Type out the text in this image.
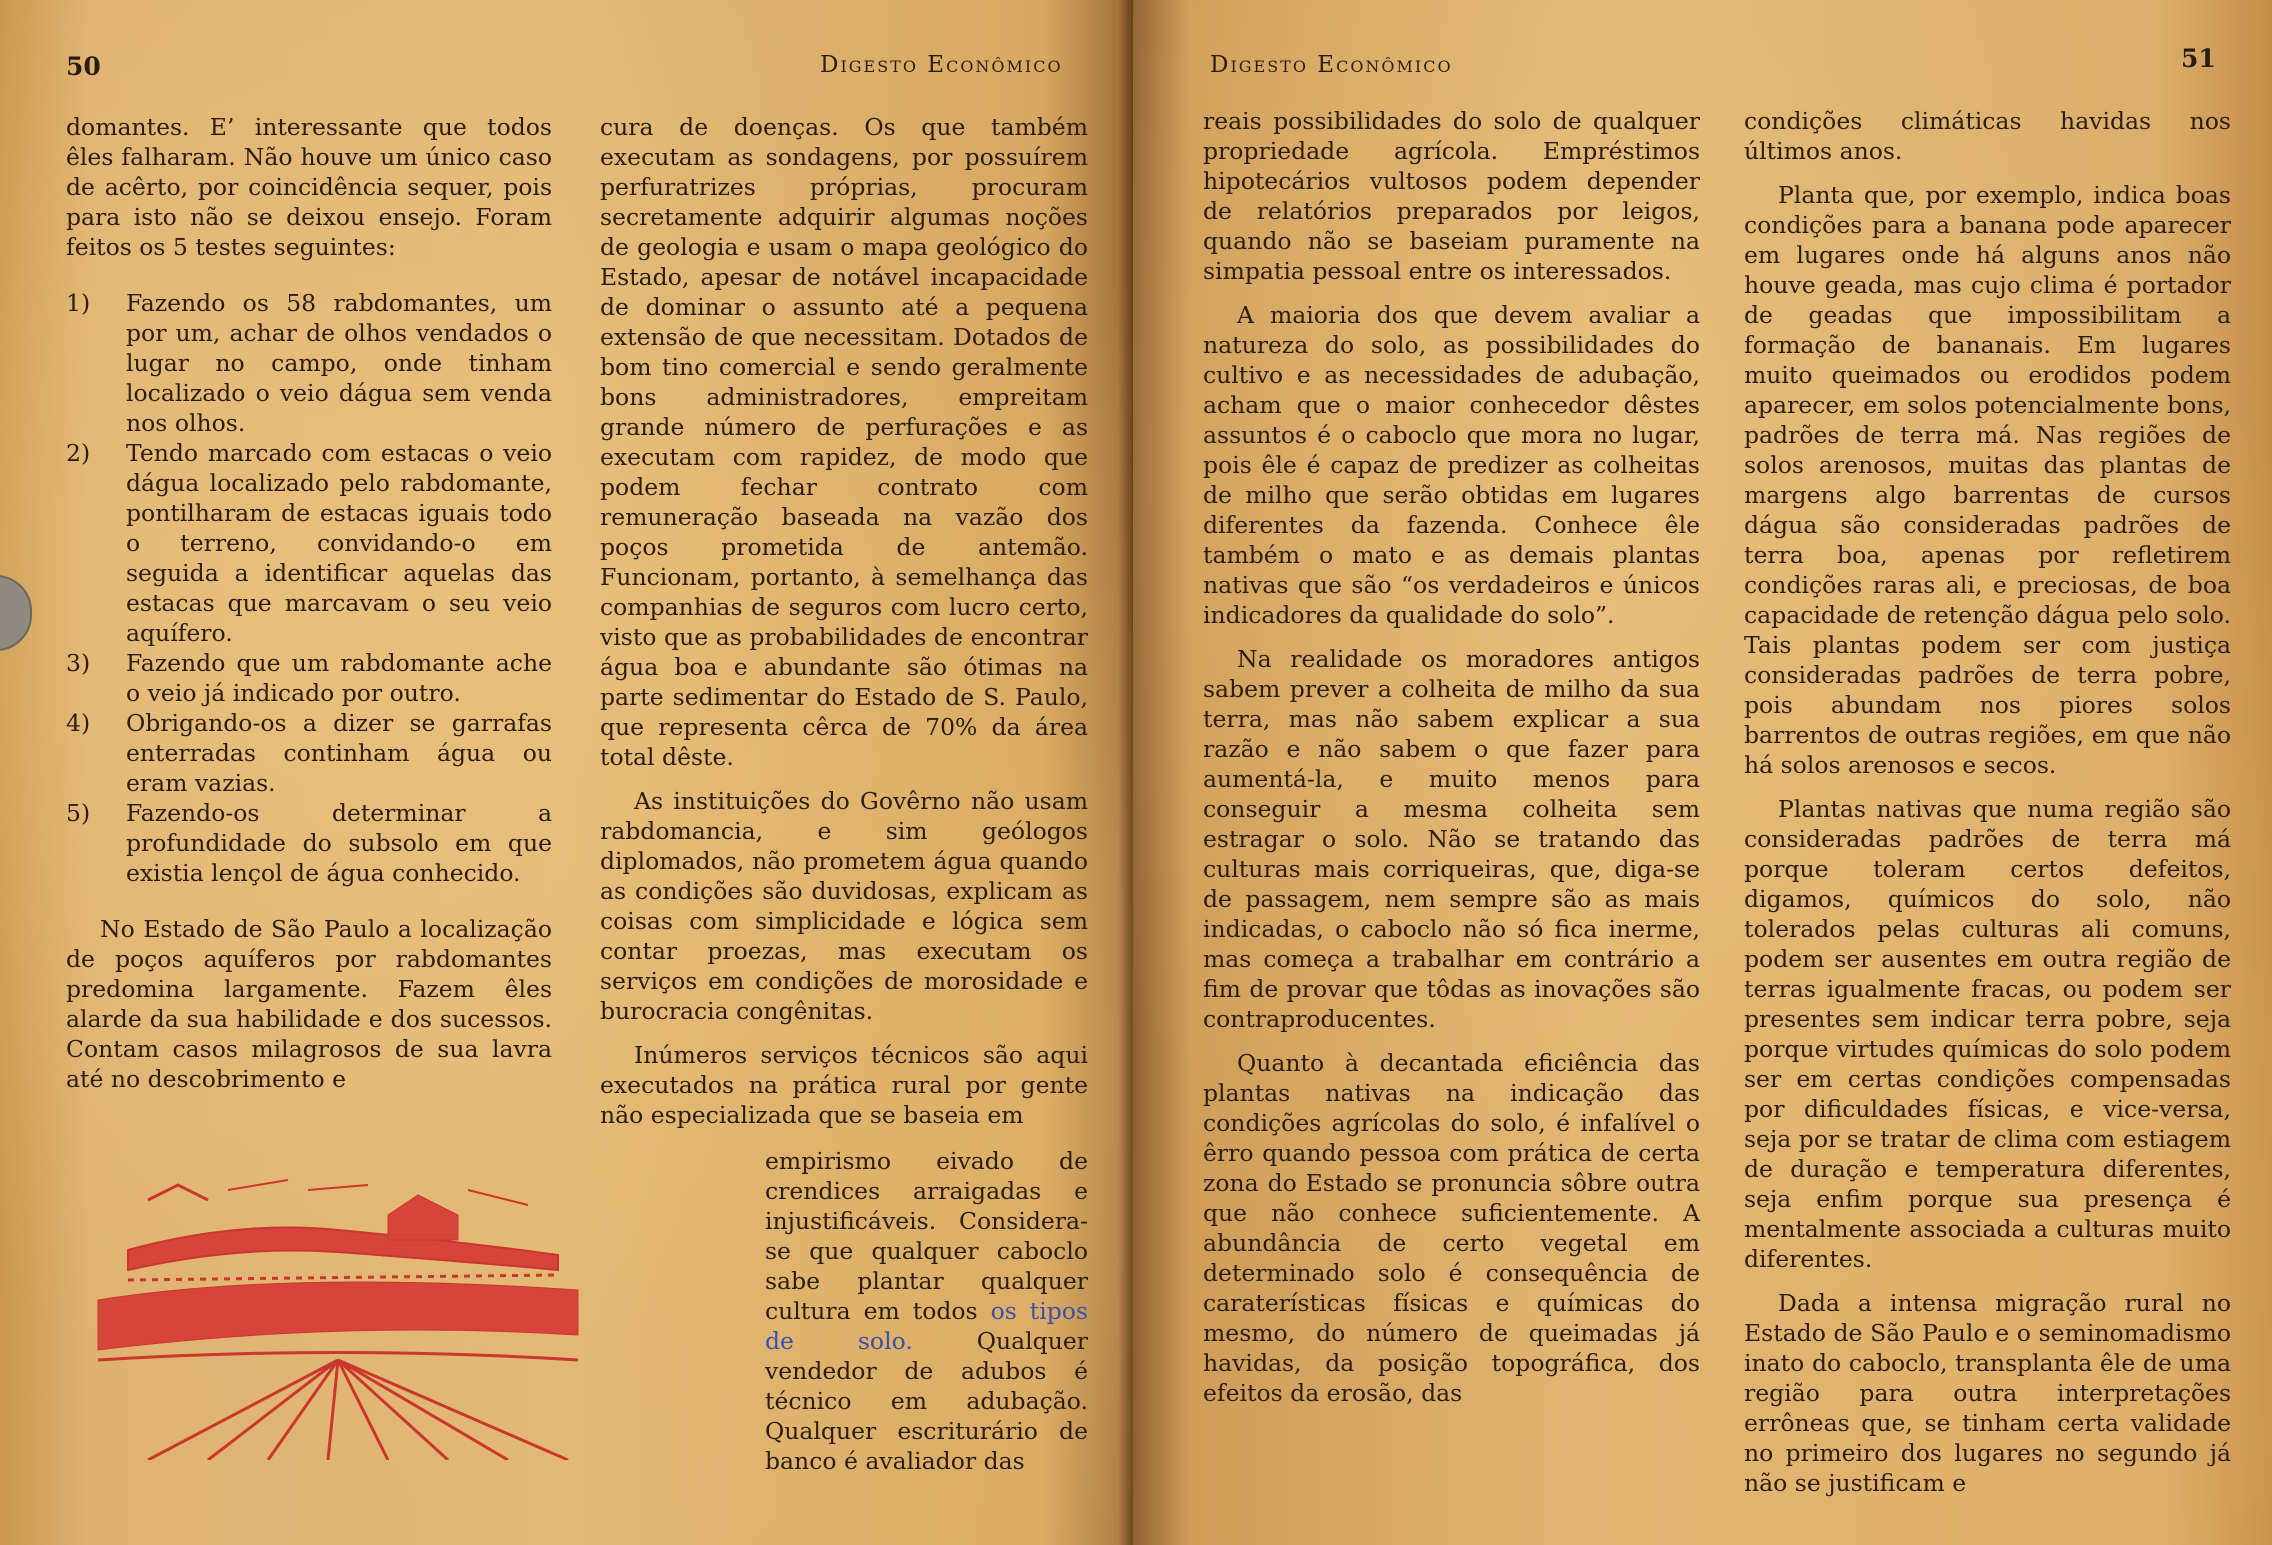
50	Digesto Econômico

domantes. E’ interessante que todos êles falharam. Não houve um único caso de acêrto, por coincidência sequer, pois para isto não se deixou ensejo. Foram feitos os 5 testes seguintes:

1) Fazendo os 58 rabdomantes, um por um, achar de olhos vendados o lugar no campo, onde tinham localizado o veio dágua sem venda nos olhos.
2) Tendo marcado com estacas o veio dágua localizado pelo rabdomante, pontilharam de estacas iguais todo o terreno, convidando-o em seguida a identificar aquelas das estacas que marcavam o seu veio aquífero.
3) Fazendo que um rabdomante ache o veio já indicado por outro.
4) Obrigando-os a dizer se garrafas enterradas continham água ou eram vazias.
5) Fazendo-os determinar a profundidade do subsolo em que existia lençol de água conhecido.

No Estado de São Paulo a localização de poços aquíferos por rabdomantes predomina largamente. Fazem êles alarde da sua habilidade e dos sucessos. Contam casos milagrosos de sua lavra até no descobrimento e

cura de doenças. Os que também executam as sondagens, por possuírem perfuratrizes próprias, procuram secretamente adquirir algumas noções de geologia e usam o mapa geológico do Estado, apesar de notável incapacidade de dominar o assunto até a pequena extensão de que necessitam. Dotados de bom tino comercial e sendo geralmente bons administradores, empreitam grande número de perfurações e as executam com rapidez, de modo que podem fechar contrato com remuneração baseada na vazão dos poços prometida de antemão. Funcionam, portanto, à semelhança das companhias de seguros com lucro certo, visto que as probabilidades de encontrar água boa e abundante são ótimas na parte sedimentar do Estado de S. Paulo, que representa cêrca de 70% da área total dêste.

As instituições do Govêrno não usam rabdomancia, e sim geólogos diplomados, não prometem água quando as condições são duvidosas, explicam as coisas com simplicidade e lógica sem contar proezas, mas executam os serviços em condições de morosidade e burocracia congênitas.

Inúmeros serviços técnicos são aqui executados na prática rural por gente não especializada que se baseia em

empirismo eivado de crendices arraigadas e injustificáveis. Considera-se que qualquer caboclo sabe plantar qualquer cultura em todos os tipos de solo.	Qualquer vendedor de adubos é técnico em adubação. Qualquer escriturário de banco é avaliador das

Digesto Econômico	51

reais possibilidades do solo de qualquer propriedade agrícola. Empréstimos hipotecários vultosos podem depender de relatórios preparados por leigos, quando não se baseiam puramente na simpatia pessoal entre os interessados.

A maioria dos que devem avaliar a natureza do solo, as possibilidades do cultivo e as necessidades de adubação, acham que o maior conhecedor dêstes assuntos é o caboclo que mora no lugar, pois êle é capaz de predizer as colheitas de milho que serão obtidas em lugares diferentes da fazenda. Conhece êle também o mato e as demais plantas nativas que são “os verdadeiros e únicos indicadores da qualidade do solo”.

Na realidade os moradores antigos sabem prever a colheita de milho da sua terra, mas não sabem explicar a sua razão e não sabem o que fazer para aumentá-la, e muito menos para conseguir a mesma colheita sem estragar o solo. Não se tratando das culturas mais corriqueiras, que, diga-se de passagem, nem sempre são as mais indicadas, o caboclo não só fica inerme, mas começa a trabalhar em contrário a fim de provar que tôdas as inovações são contraproducentes.

Quanto à decantada eficiência das plantas nativas na indicação das condições agrícolas do solo, é infalível o êrro quando pessoa com prática de certa zona do Estado se pronuncia sôbre outra que não conhece suficientemente. A abundância de certo vegetal em determinado solo é consequência de caraterísticas físicas e químicas do mesmo, do número de queimadas já havidas, da posição topográfica, dos efeitos da erosão, das

condições climáticas havidas nos últimos anos.

Planta que, por exemplo, indica boas condições para a banana pode aparecer em lugares onde há alguns anos não houve geada, mas cujo clima é portador de geadas que impossibilitam a formação de bananais. Em lugares muito queimados ou erodidos podem aparecer, em solos potencialmente bons, padrões de terra má. Nas regiões de solos arenosos, muitas das plantas de margens algo barrentas de cursos dágua são consideradas padrões de terra boa, apenas por refletirem condições raras ali, e preciosas, de boa capacidade de retenção dágua pelo solo. Tais plantas podem ser com justiça consideradas padrões de terra pobre, pois abundam nos piores solos barrentos de outras regiões, em que não há solos arenosos e secos.

Plantas nativas que numa região são consideradas padrões de terra má porque toleram certos defeitos, digamos, químicos do solo, não tolerados pelas culturas ali comuns, podem ser ausentes em outra região de terras igualmente fracas, ou podem ser presentes sem indicar terra pobre, seja porque virtudes químicas do solo podem ser em certas condições compensadas por dificuldades físicas, e vice-versa, seja por se tratar de clima com estiagem de duração e temperatura diferentes, seja enfim porque sua presença é mentalmente associada a culturas muito diferentes.

Dada a intensa migração rural no Estado de São Paulo e o seminomadismo inato do caboclo, transplanta êle de uma região para outra interpretações errôneas que, se tinham certa validade no primeiro dos lugares no segundo já não se justificam e
